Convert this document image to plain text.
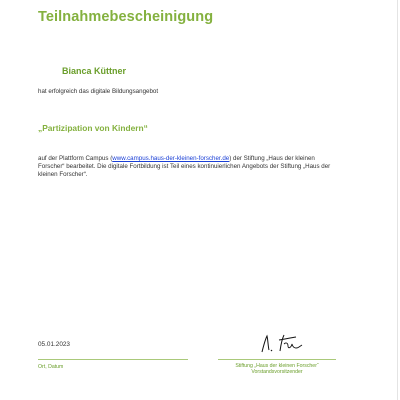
Teilnahmebescheinigung
Bianca Küttner
hat erfolgreich das digitale Bildungsangebot
„Partizipation von Kindern“
auf der Plattform Campus (www.campus.haus-der-kleinen-forscher.de) der Stiftung „Haus der kleinen Forscher“ bearbeitet. Die digitale Fortbildung ist Teil eines kontinuierlichen Angebots der Stiftung „Haus der kleinen Forscher“.
05.01.2023
Ort, Datum	Stiftung „Haus der kleinen Forscher“
Vorstandsvorsitzender
